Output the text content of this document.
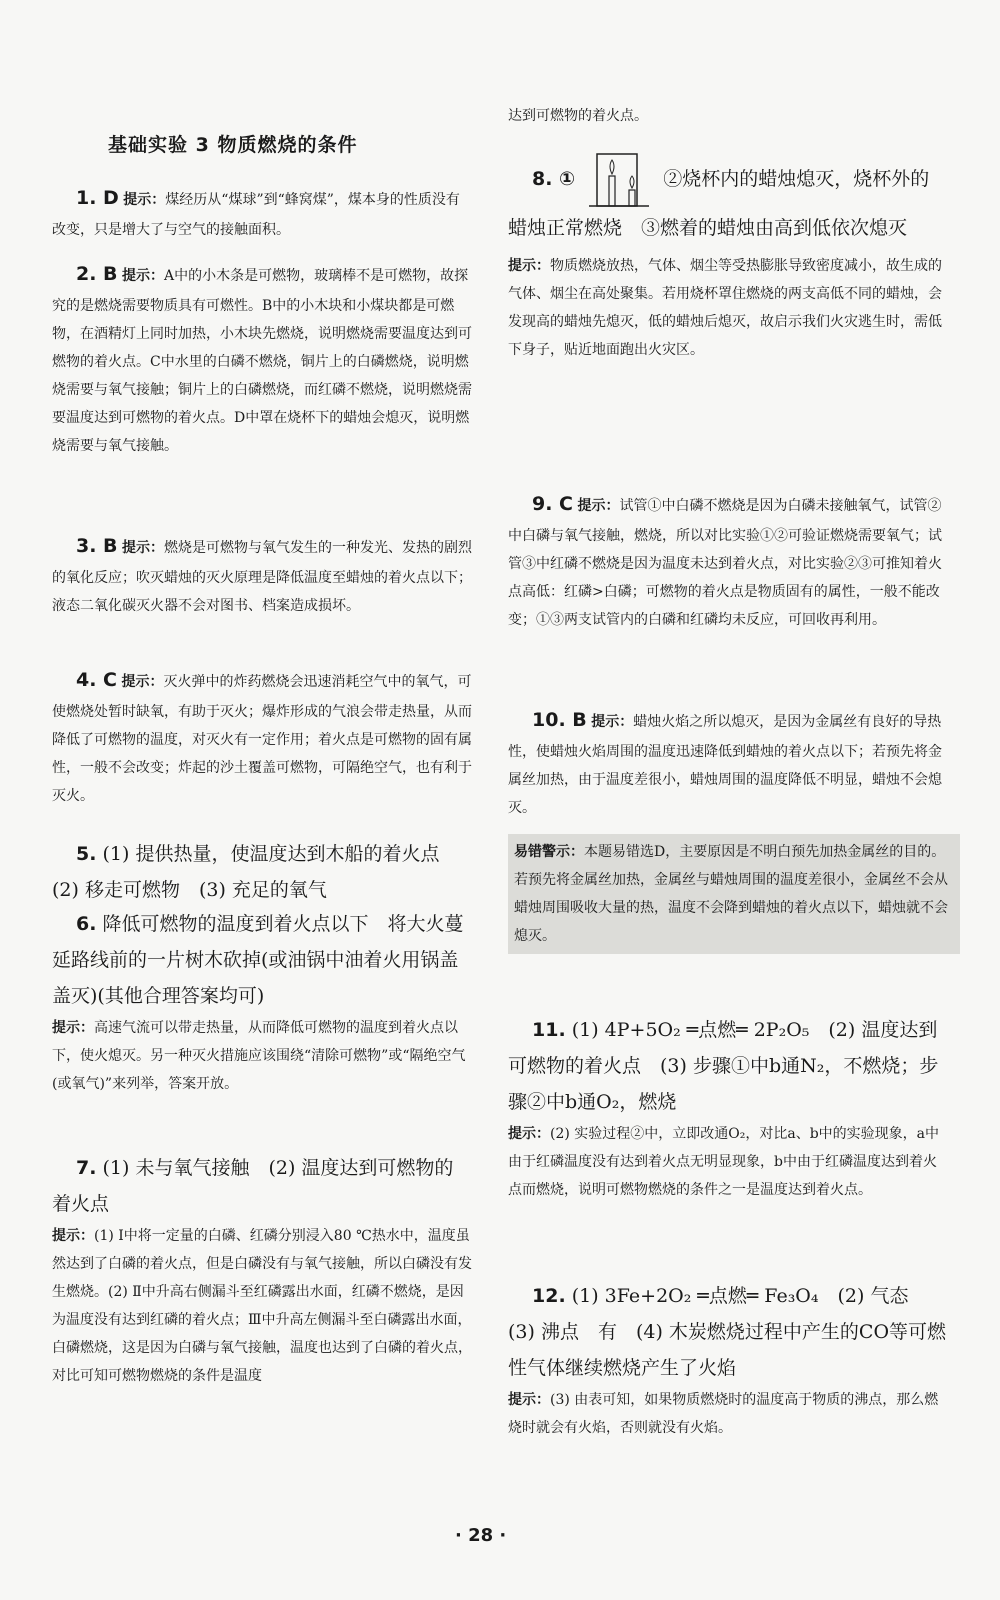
基础实验 3 物质燃烧的条件
1. D 提示：煤经历从“煤球”到“蜂窝煤”，煤本身的性质没有改变，只是增大了与空气的接触面积。
2. B 提示：A中的小木条是可燃物，玻璃棒不是可燃物，故探究的是燃烧需要物质具有可燃性。B中的小木块和小煤块都是可燃物，在酒精灯上同时加热，小木块先燃烧，说明燃烧需要温度达到可燃物的着火点。C中水里的白磷不燃烧，铜片上的白磷燃烧，说明燃烧需要与氧气接触；铜片上的白磷燃烧，而红磷不燃烧，说明燃烧需要温度达到可燃物的着火点。D中罩在烧杯下的蜡烛会熄灭，说明燃烧需要与氧气接触。
3. B 提示：燃烧是可燃物与氧气发生的一种发光、发热的剧烈的氧化反应；吹灭蜡烛的灭火原理是降低温度至蜡烛的着火点以下；液态二氧化碳灭火器不会对图书、档案造成损坏。
4. C 提示：灭火弹中的炸药燃烧会迅速消耗空气中的氧气，可使燃烧处暂时缺氧，有助于灭火；爆炸形成的气浪会带走热量，从而降低了可燃物的温度，对灭火有一定作用；着火点是可燃物的固有属性，一般不会改变；炸起的沙土覆盖可燃物，可隔绝空气，也有利于灭火。
5. (1) 提供热量，使温度达到木船的着火点　(2) 移走可燃物　(3) 充足的氧气
6. 降低可燃物的温度到着火点以下　将大火蔓延路线前的一片树木砍掉(或油锅中油着火用锅盖盖灭)(其他合理答案均可)
提示：高速气流可以带走热量，从而降低可燃物的温度到着火点以下，使火熄灭。另一种灭火措施应该围绕“清除可燃物”或“隔绝空气(或氧气)”来列举，答案开放。
7. (1) 未与氧气接触　(2) 温度达到可燃物的着火点
提示：(1) Ⅰ中将一定量的白磷、红磷分别浸入80 ℃热水中，温度虽然达到了白磷的着火点，但是白磷没有与氧气接触，所以白磷没有发生燃烧。(2) Ⅱ中升高右侧漏斗至红磷露出水面，红磷不燃烧，是因为温度没有达到红磷的着火点；Ⅲ中升高左侧漏斗至白磷露出水面，白磷燃烧，这是因为白磷与氧气接触，温度也达到了白磷的着火点，对比可知可燃物燃烧的条件是温度
达到可燃物的着火点。
8. ①	②烧杯内的蜡烛熄灭，烧杯外的蜡烛正常燃烧　③燃着的蜡烛由高到低依次熄灭
提示：物质燃烧放热，气体、烟尘等受热膨胀导致密度减小，故生成的气体、烟尘在高处聚集。若用烧杯罩住燃烧的两支高低不同的蜡烛，会发现高的蜡烛先熄灭，低的蜡烛后熄灭，故启示我们火灾逃生时，需低下身子，贴近地面跑出火灾区。
9. C 提示：试管①中白磷不燃烧是因为白磷未接触氧气，试管②中白磷与氧气接触，燃烧，所以对比实验①②可验证燃烧需要氧气；试管③中红磷不燃烧是因为温度未达到着火点，对比实验②③可推知着火点高低：红磷>白磷；可燃物的着火点是物质固有的属性，一般不能改变；①③两支试管内的白磷和红磷均未反应，可回收再利用。
10. B 提示：蜡烛火焰之所以熄灭，是因为金属丝有良好的导热性，使蜡烛火焰周围的温度迅速降低到蜡烛的着火点以下；若预先将金属丝加热，由于温度差很小，蜡烛周围的温度降低不明显，蜡烛不会熄灭。
易错警示：本题易错选D，主要原因是不明白预先加热金属丝的目的。若预先将金属丝加热，金属丝与蜡烛周围的温度差很小，金属丝不会从蜡烛周围吸收大量的热，温度不会降到蜡烛的着火点以下，蜡烛就不会熄灭。
11. (1) 4P+5O₂ ═点燃═ 2P₂O₅　(2) 温度达到可燃物的着火点　(3) 步骤①中b通N₂，不燃烧；步骤②中b通O₂，燃烧
提示：(2) 实验过程②中，立即改通O₂，对比a、b中的实验现象，a中由于红磷温度没有达到着火点无明显现象，b中由于红磷温度达到着火点而燃烧，说明可燃物燃烧的条件之一是温度达到着火点。
12. (1) 3Fe+2O₂ ═点燃═ Fe₃O₄　(2) 气态　(3) 沸点　有　(4) 木炭燃烧过程中产生的CO等可燃性气体继续燃烧产生了火焰
提示：(3) 由表可知，如果物质燃烧时的温度高于物质的沸点，那么燃烧时就会有火焰，否则就没有火焰。
· 28 ·
